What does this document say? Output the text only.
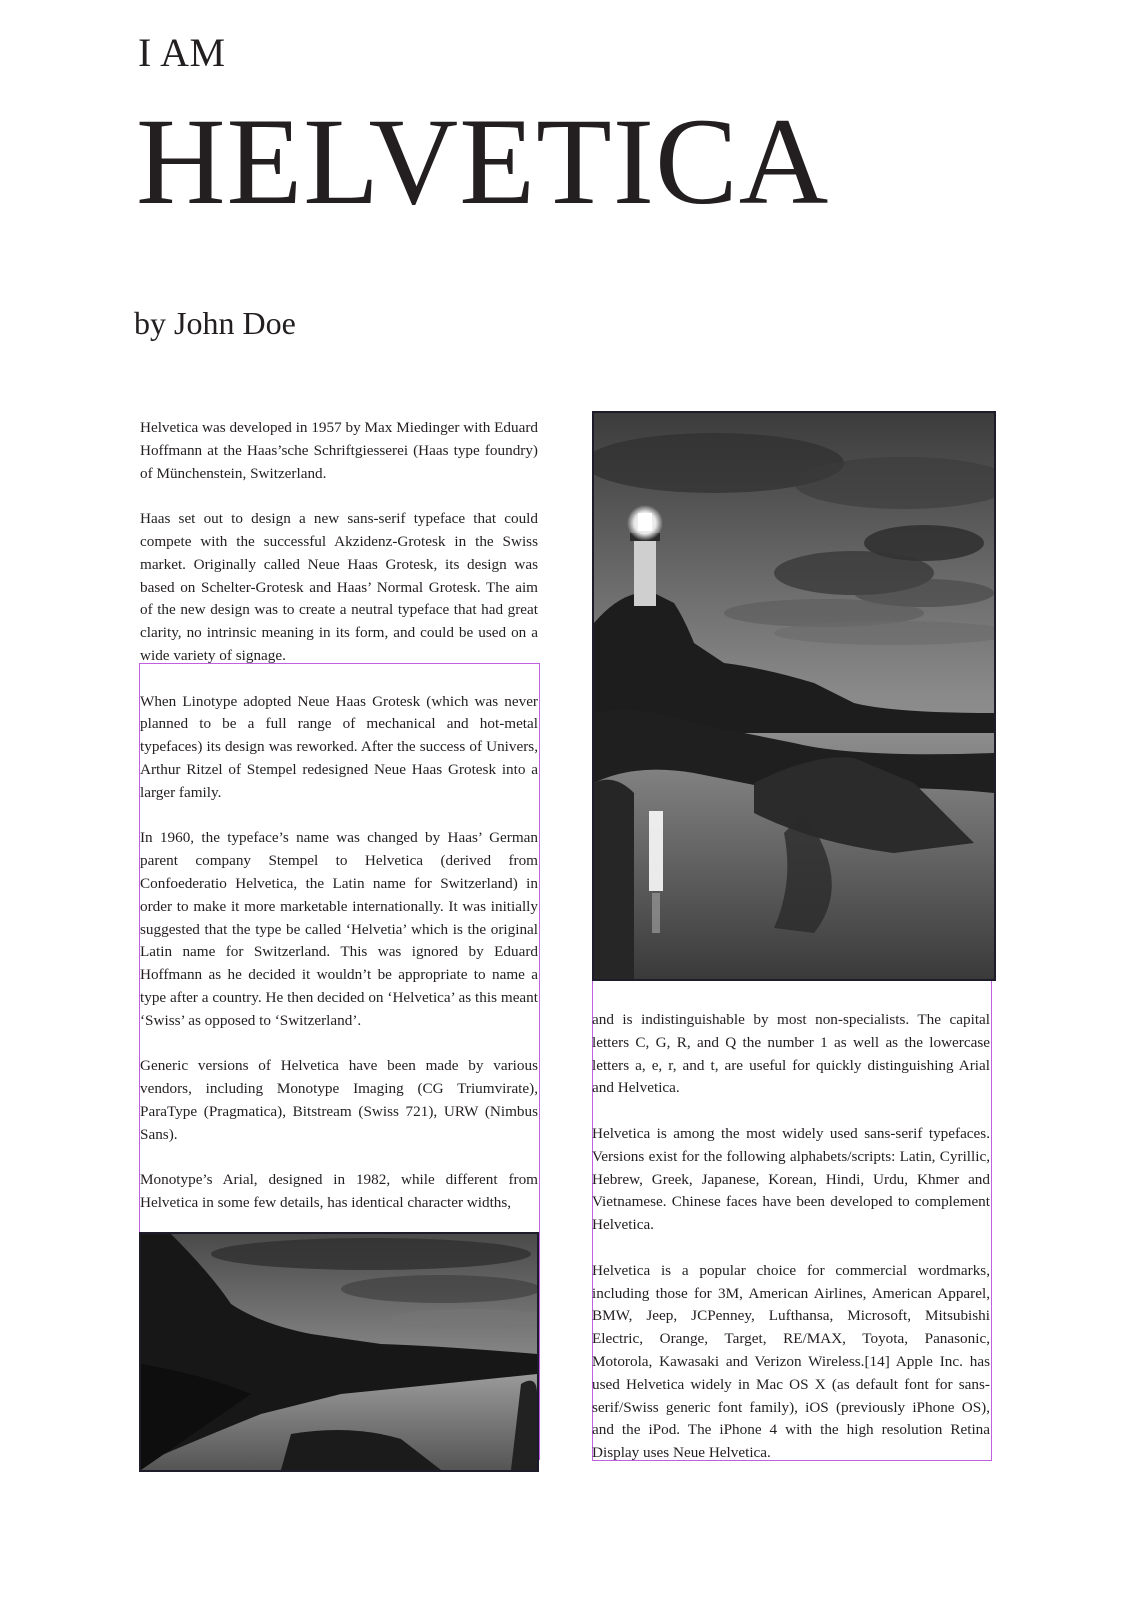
I AM
HELVETICA
by John Doe

Helvetica was developed in 1957 by Max Miedinger with Eduard Hoffmann at the Haas’sche Schriftgiesserei (Haas type foundry) of Münchenstein, Switzerland.

Haas set out to design a new sans-serif typeface that could compete with the successful Akzidenz-Grotesk in the Swiss market. Originally called Neue Haas Grotesk, its design was based on Schelter-Grotesk and Haas’ Normal Grotesk. The aim of the new design was to create a neutral typeface that had great clarity, no intrinsic meaning in its form, and could be used on a wide variety of signage.

When Linotype adopted Neue Haas Grotesk (which was never planned to be a full range of mechanical and hot-metal typefaces) its design was reworked. After the success of Univers, Arthur Ritzel of Stempel redesigned Neue Haas Grotesk into a larger family.

In 1960, the typeface’s name was changed by Haas’ German parent company Stempel to Helvetica (derived from Confoederatio Helvetica, the Latin name for Switzerland) in order to make it more marketable internationally. It was initially suggested that the type be called ‘Helvetia’ which is the original Latin name for Switzerland. This was ignored by Eduard Hoffmann as he decided it wouldn’t be appropriate to name a type after a country. He then decided on ‘Helvetica’ as this meant ‘Swiss’ as opposed to ‘Switzerland’.

Generic versions of Helvetica have been made by various vendors, including Monotype Imaging (CG Triumvirate), ParaType (Pragmatica), Bitstream (Swiss 721), URW (Nimbus Sans).

Monotype’s Arial, designed in 1982, while different from Helvetica in some few details, has identical character widths,

and is indistinguishable by most non-specialists. The capital letters C, G, R, and Q the number 1 as well as the lowercase letters a, e, r, and t, are useful for quickly distinguishing Arial and Helvetica.

Helvetica is among the most widely used sans-serif typefaces. Versions exist for the following alphabets/scripts: Latin, Cyrillic, Hebrew, Greek, Japanese, Korean, Hindi, Urdu, Khmer and Vietnamese. Chinese faces have been developed to complement Helvetica.

Helvetica is a popular choice for commercial wordmarks, including those for 3M, American Airlines, American Apparel, BMW, Jeep, JCPenney, Lufthansa, Microsoft, Mitsubishi Electric, Orange, Target, RE/MAX, Toyota, Panasonic, Motorola, Kawasaki and Verizon Wireless.[14] Apple Inc. has used Helvetica widely in Mac OS X (as default font for sans-serif/Swiss generic font family), iOS (previously iPhone OS), and the iPod. The iPhone 4 with the high resolution Retina Display uses Neue Helvetica.
